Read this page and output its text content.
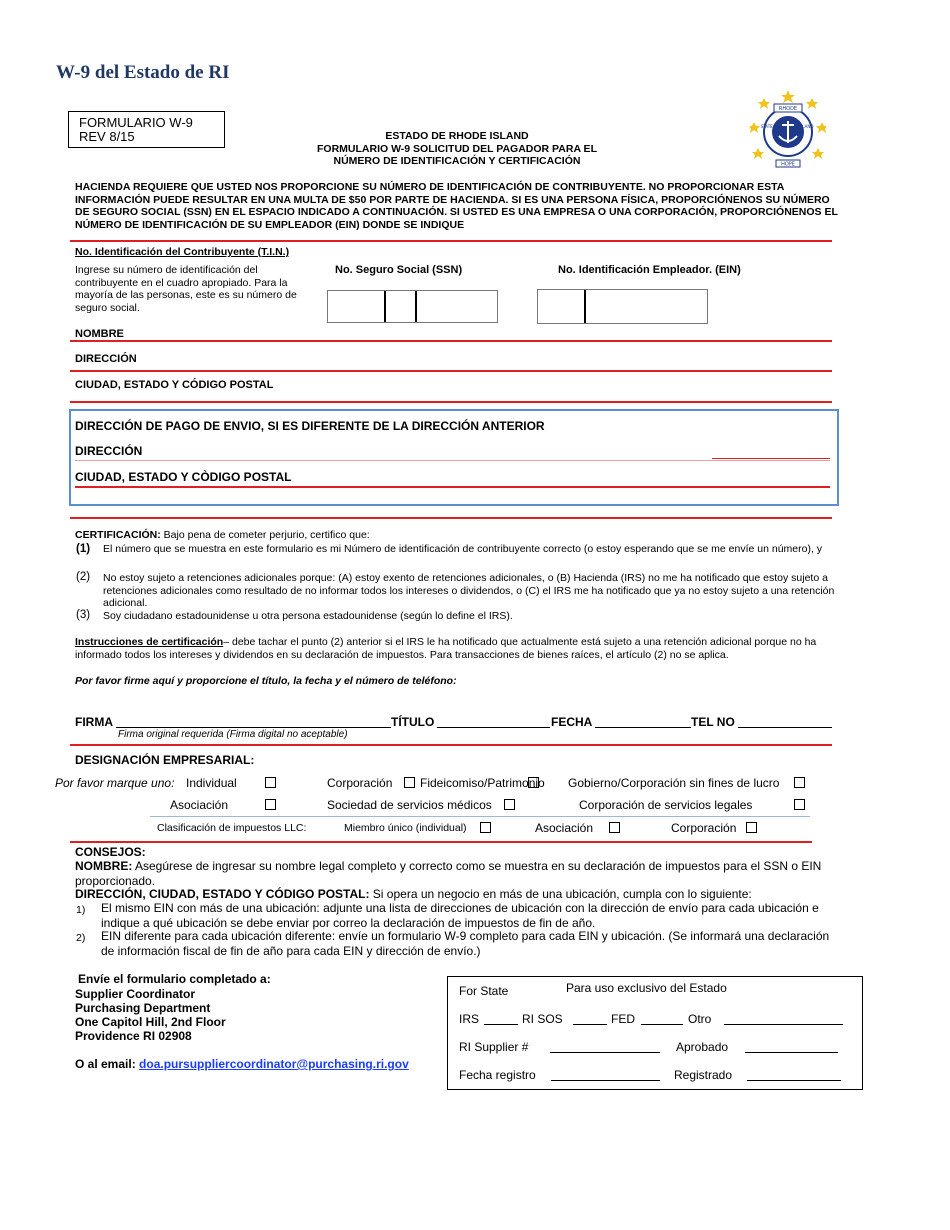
W-9 del Estado de RI
FORMULARIO W-9
REV 8/15	ESTADO DE RHODE ISLAND
FORMULARIO W-9 SOLICITUD DEL PAGADOR PARA EL
NÚMERO DE IDENTIFICACIÓN Y CERTIFICACIÓN
RHODE
STATE OF	ISLAND
HOPE
HACIENDA REQUIERE QUE USTED NOS PROPORCIONE SU NÚMERO DE IDENTIFICACIÓN DE CONTRIBUYENTE. NO PROPORCIONAR ESTA INFORMACIÓN PUEDE RESULTAR EN UNA MULTA DE $50 POR PARTE DE HACIENDA. SI ES UNA PERSONA FÍSICA, PROPORCIÓNENOS SU NÚMERO DE SEGURO SOCIAL (SSN) EN EL ESPACIO INDICADO A CONTINUACIÓN. SI USTED ES UNA EMPRESA O UNA CORPORACIÓN, PROPORCIÓNENOS EL NÚMERO DE IDENTIFICACIÓN DE SU EMPLEADOR (EIN) DONDE SE INDIQUE
No. Identificación del Contribuyente (T.I.N.)
Ingrese su número de identificación del contribuyente en el cuadro apropiado. Para la mayoría de las personas, este es su número de seguro social.
No. Seguro Social (SSN)	No. Identificación Empleador. (EIN)
NOMBRE
DIRECCIÓN
CIUDAD, ESTADO Y CÓDIGO POSTAL
DIRECCIÓN DE PAGO DE ENVIO, SI ES DIFERENTE DE LA DIRECCIÓN ANTERIOR
DIRECCIÓN
CIUDAD, ESTADO Y CÒDIGO POSTAL
CERTIFICACIÓN: Bajo pena de cometer perjurio, certifico que:
(1) El número que se muestra en este formulario es mi Número de identificación de contribuyente correcto (o estoy esperando que se me envíe un número), y
(2) No estoy sujeto a retenciones adicionales porque: (A) estoy exento de retenciones adicionales, o (B) Hacienda (IRS) no me ha notificado que estoy sujeto a retenciones adicionales como resultado de no informar todos los intereses o dividendos, o (C) el IRS me ha notificado que ya no estoy sujeto a una retención adicional.
(3) Soy ciudadano estadounidense u otra persona estadounidense (según lo define el IRS).
Instrucciones de certificación– debe tachar el punto (2) anterior si el IRS le ha notificado que actualmente está sujeto a una retención adicional porque no ha informado todos los intereses y dividendos en su declaración de impuestos. Para transacciones de bienes raíces, el artículo (2) no se aplica.
Por favor firme aquí y proporcione el título, la fecha y el número de teléfono:
FIRMA	TÍTULO	FECHA	TEL NO
Firma original requerida (Firma digital no aceptable)
DESIGNACIÓN EMPRESARIAL:
Por favor marque uno: Individual	Corporación Fideicomiso/Patrimonio Gobierno/Corporación sin fines de lucro
Asociación	Sociedad de servicios médicos	Corporación de servicios legales
Clasificación de impuestos LLC:	Miembro único (individual)	Asociación	Corporación
CONSEJOS:
NOMBRE: Asegúrese de ingresar su nombre legal completo y correcto como se muestra en su declaración de impuestos para el SSN o EIN proporcionado.
DIRECCIÓN, CIUDAD, ESTADO Y CÓDIGO POSTAL: Si opera un negocio en más de una ubicación, cumpla con lo siguiente:
1) El mismo EIN con más de una ubicación: adjunte una lista de direcciones de ubicación con la dirección de envío para cada ubicación e indique a qué ubicación se debe enviar por correo la declaración de impuestos de fin de año.
2) EIN diferente para cada ubicación diferente: envíe un formulario W-9 completo para cada EIN y ubicación. (Se informará una declaración de información fiscal de fin de año para cada EIN y dirección de envío.)
Envíe el formulario completado a:
Supplier Coordinator
Purchasing Department
One Capitol Hill, 2nd Floor
Providence RI 02908
O al email: doa.pursuppliercoordinator@purchasing.ri.gov
For State	Para uso exclusivo del Estado
IRS	RI SOS	FED	Otro
RI Supplier #	Aprobado
Fecha registro	Registrado
